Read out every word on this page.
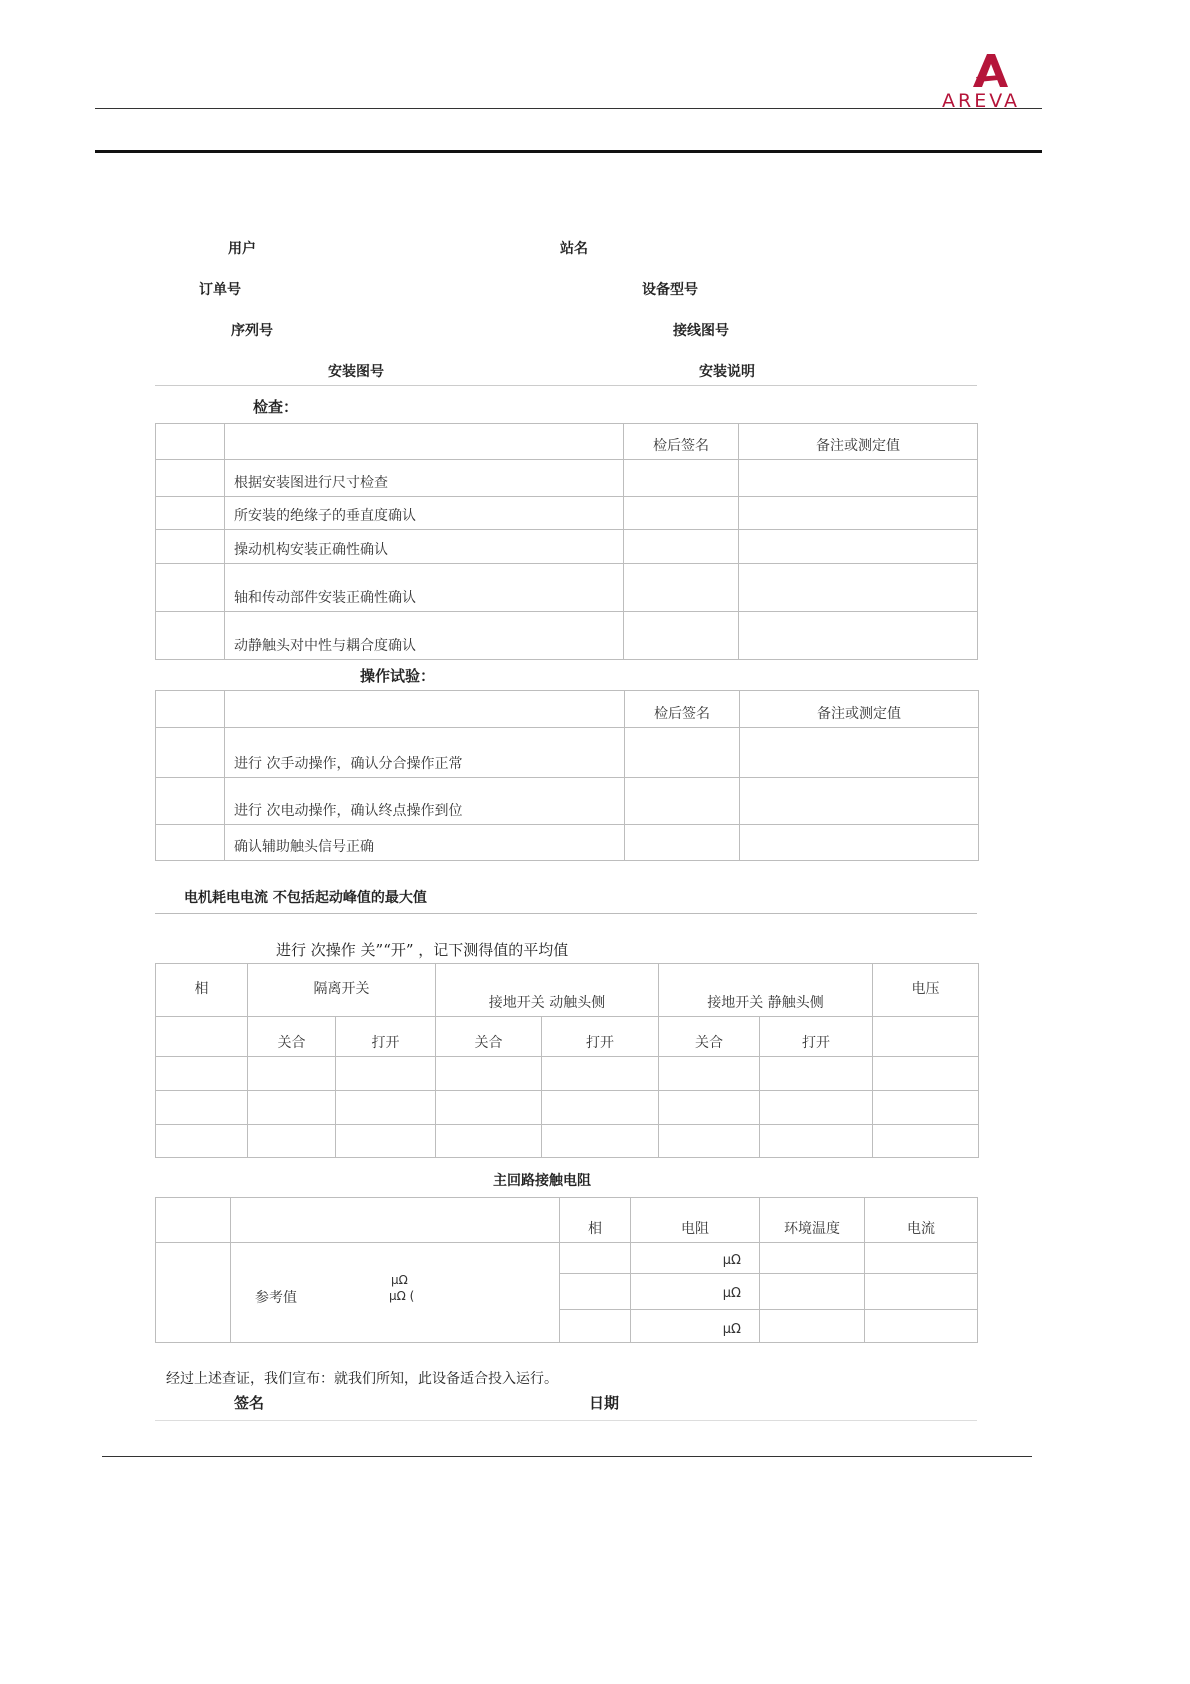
AREVA
用户	站名
订单号	设备型号
序列号	接线图号
安装图号	安装说明
检查：
		检后签名	备注或测定值
	根据安装图进行尺寸检查		
	所安装的绝缘子的垂直度确认		
	操动机构安装正确性确认		
	轴和传动部件安装正确性确认		
	动静触头对中性与耦合度确认		
操作试验：
		检后签名	备注或测定值
	进行 次手动操作，确认分合操作正常		
	进行 次电动操作，确认终点操作到位		
	确认辅助触头信号正确		
电机耗电电流 不包括起动峰值的最大值
进行 次操作 关”“开” ，记下测得值的平均值
相	隔离开关		接地开关 动触头侧		接地开关 静触头侧		电压
	关合	打开	关合	打开	关合	打开	

主回路接触电阻
		相	电阻	环境温度	电流

	参考值
μΩ
μΩ (		μΩ		
			μΩ		
			μΩ		
经过上述查证，我们宣布：就我们所知，此设备适合投入运行。
签名	日期
